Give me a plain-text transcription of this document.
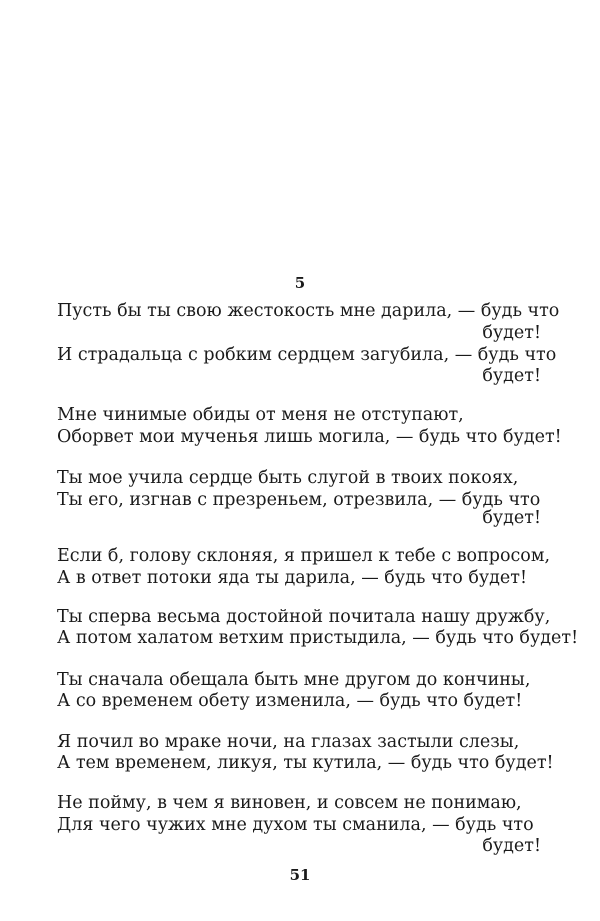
5
Пусть бы ты свою жестокость мне дарила, — будь что
будет!
И страдальца с робким сердцем загубила, — будь что
будет!
Мне чинимые обиды от меня не отступают,
Оборвет мои мученья лишь могила, — будь что будет!
Ты мое учила сердце быть слугой в твоих покоях,
Ты его, изгнав с презреньем, отрезвила, — будь что
будет!
Если б, голову склоняя, я пришел к тебе с вопросом,
А в ответ потоки яда ты дарила, — будь что будет!
Ты сперва весьма достойной почитала нашу дружбу,
А потом халатом ветхим пристыдила, — будь что будет!
Ты сначала обещала быть мне другом до кончины,
А со временем обету изменила, — будь что будет!
Я почил во мраке ночи, на глазах застыли слезы,
А тем временем, ликуя, ты кутила, — будь что будет!
Не пойму, в чем я виновен, и совсем не понимаю,
Для чего чужих мне духом ты сманила, — будь что
будет!
51
